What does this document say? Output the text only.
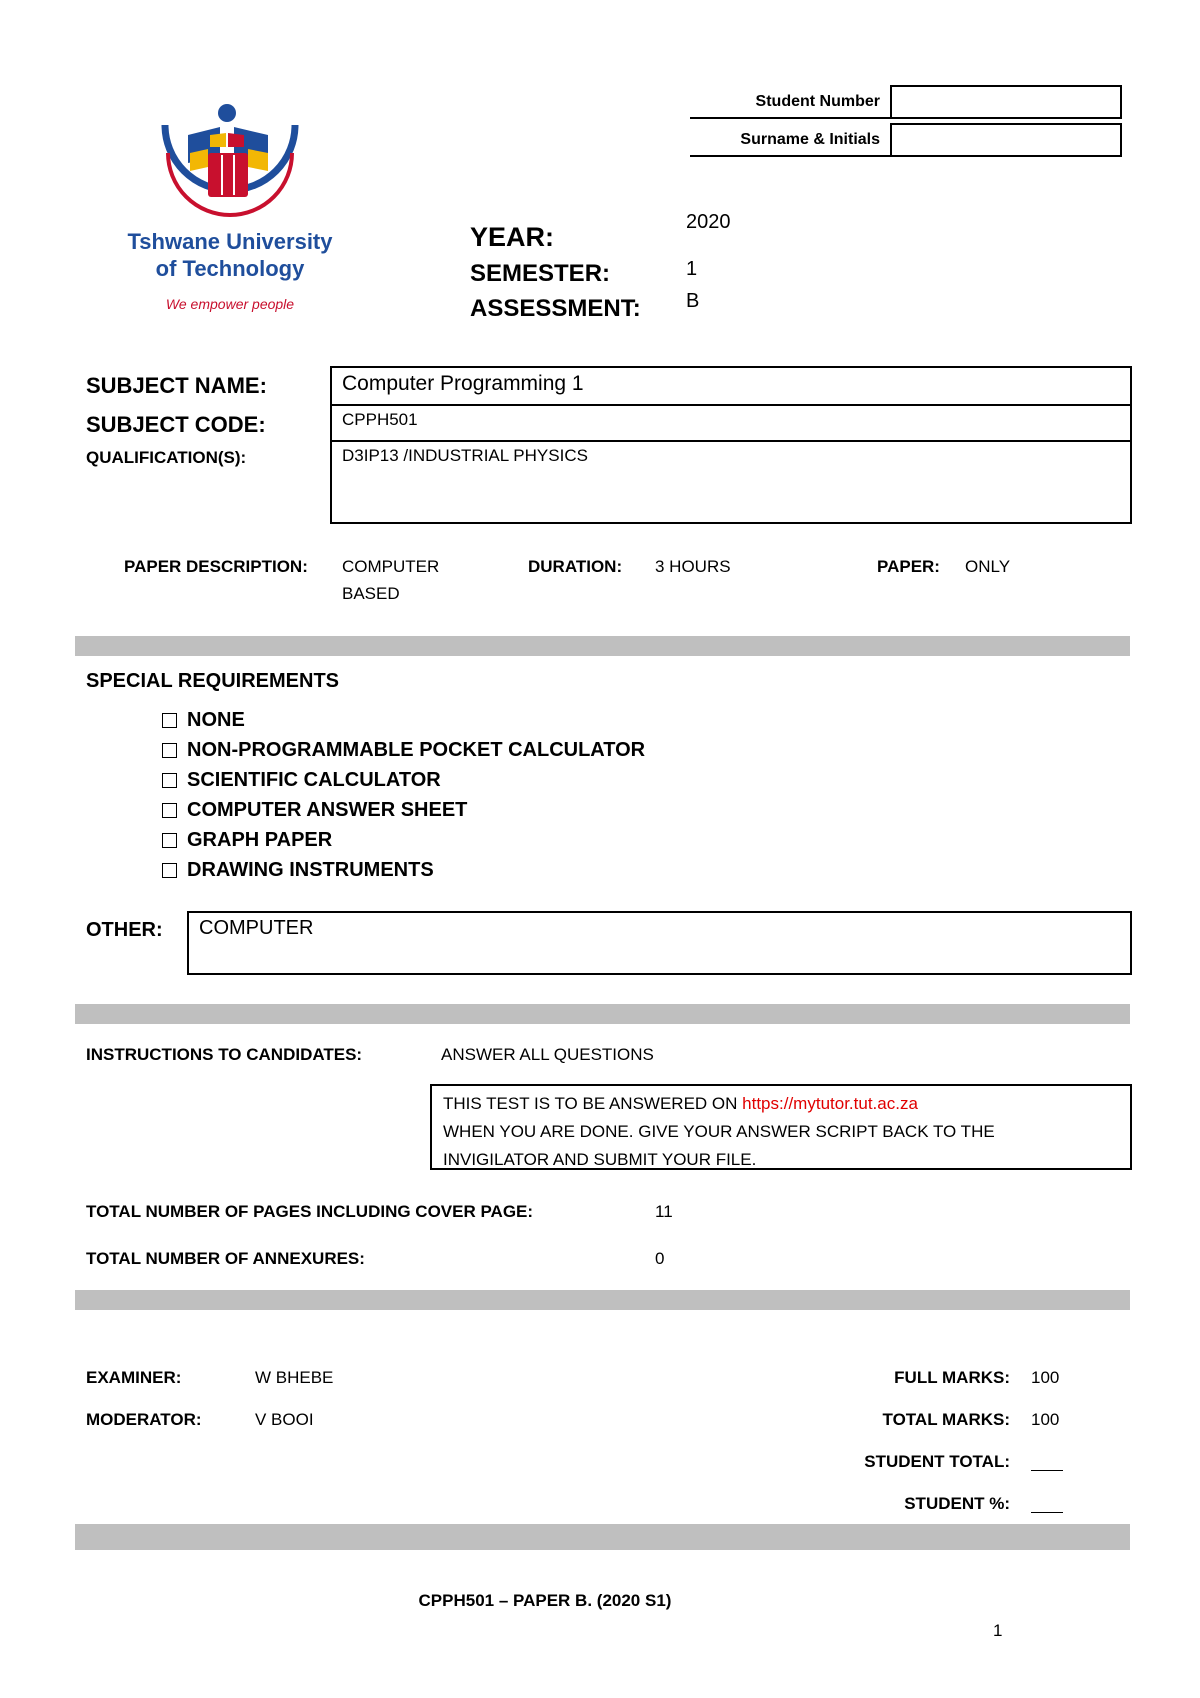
Tshwane University
of Technology
We empower people
Student Number
Surname & Initials
YEAR:	2020
SEMESTER:	1
ASSESSMENT: B
SUBJECT NAME:	Computer Programming 1
SUBJECT CODE:	CPPH501
QUALIFICATION(S):	D3IP13 /INDUSTRIAL PHYSICS
PAPER DESCRIPTION: COMPUTER
BASED
DURATION: 3 HOURS	PAPER: ONLY
SPECIAL REQUIREMENTS
NONE
NON-PROGRAMMABLE POCKET CALCULATOR
SCIENTIFIC CALCULATOR
COMPUTER ANSWER SHEET
GRAPH PAPER
DRAWING INSTRUMENTS
OTHER:	COMPUTER
INSTRUCTIONS TO CANDIDATES:	ANSWER ALL QUESTIONS
THIS TEST IS TO BE ANSWERED ON https://mytutor.tut.ac.za
WHEN YOU ARE DONE. GIVE YOUR ANSWER SCRIPT BACK TO THE
INVIGILATOR AND SUBMIT YOUR FILE.
TOTAL NUMBER OF PAGES INCLUDING COVER PAGE:	11
TOTAL NUMBER OF ANNEXURES:	0
EXAMINER:	W BHEBE
MODERATOR:	V BOOI
FULL MARKS: 100
TOTAL MARKS: 100
STUDENT TOTAL:
STUDENT %:
CPPH501 – PAPER B. (2020 S1)
1
